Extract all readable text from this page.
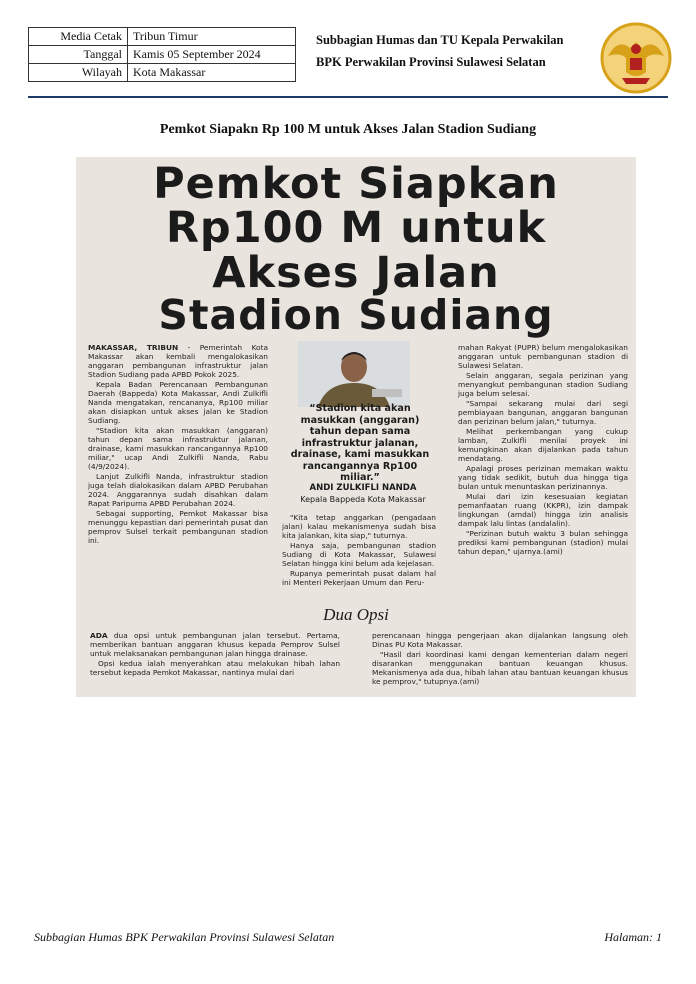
Media Cetak	Tribun Timur
Tanggal	Kamis 05 September 2024
Wilayah	Kota Makassar
Subbagian Humas dan TU Kepala Perwakilan
BPK Perwakilan Provinsi Sulawesi Selatan
Pemkot Siapakn Rp 100 M untuk Akses Jalan Stadion Sudiang
Pemkot Siapkan
Rp100 M untuk
Akses Jalan
Stadion Sudiang

MAKASSAR, TRIBUN - Pemerintah Kota Makassar akan kembali mengalokasikan anggaran pembangunan infrastruktur jalan Stadion Sudiang pada APBD Pokok 2025.

Kepala Badan Perencanaan Pembangunan Daerah (Bappeda) Kota Makassar, Andi Zulkifli Nanda mengatakan, rencananya, Rp100 miliar akan disiapkan untuk akses jalan ke Stadion Sudiang.

"Stadion kita akan masukkan (anggaran) tahun depan sama infrastruktur jalanan, drainase, kami masukkan rancangannya Rp100 miliar," ucap Andi Zulkifli Nanda, Rabu (4/9/2024).

Lanjut Zulkifli Nanda, infrastruktur stadion juga telah dialokasikan dalam APBD Perubahan 2024. Anggarannya sudah disahkan dalam Rapat Paripurna APBD Perubahan 2024.

Sebagai supporting, Pemkot Makassar bisa menunggu kepastian dari pemerintah pusat dan pemprov Sulsel terkait pembangunan stadion ini.

“Stadion kita akan masukkan (anggaran) tahun depan sama infrastruktur jalanan, drainase, kami masukkan rancangannya Rp100 miliar.”
ANDI ZULKIFLI NANDA
Kepala Bappeda Kota Makassar

"Kita tetap anggarkan (pengadaan jalan) kalau mekanismenya sudah bisa kita jalankan, kita siap," tuturnya.

Hanya saja, pembangunan stadion Sudiang di Kota Makassar, Sulawesi Selatan hingga kini belum ada kejelasan.

Rupanya pemerintah pusat dalam hal ini Menteri Pekerjaan Umum dan Peru-

mahan Rakyat (PUPR) belum mengalokasikan anggaran untuk pembangunan stadion di Sulawesi Selatan.

Selain anggaran, segala perizinan yang menyangkut pembangunan stadion Sudiang juga belum selesai.

"Sampai sekarang mulai dari segi pembiayaan bangunan, anggaran bangunan dan perizinan belum jalan," tuturnya.

Melihat perkembangan yang cukup lamban, Zulkifli menilai proyek ini kemungkinan akan dijalankan pada tahun mendatang.

Apalagi proses perizinan memakan waktu yang tidak sedikit, butuh dua hingga tiga bulan untuk menuntaskan perizinannya.

Mulai dari izin kesesuaian kegiatan pemanfaatan ruang (KKPR), izin dampak lingkungan (amdal) hingga izin analisis dampak lalu lintas (andalalin).

"Perizinan butuh waktu 3 bulan sehingga prediksi kami pembangunan (stadion) mulai tahun depan," ujarnya.(ami)

Dua Opsi

ADA dua opsi untuk pembangunan jalan tersebut. Pertama, memberikan bantuan anggaran khusus kepada Pemprov Sulsel untuk melaksanakan pembangunan jalan hingga drainase.

Opsi kedua ialah menyerahkan atau melakukan hibah lahan tersebut kepada Pemkot Makassar, nantinya mulai dari

perencanaan hingga pengerjaan akan dijalankan langsung oleh Dinas PU Kota Makassar.

"Hasil dari koordinasi kami dengan kementerian dalam negeri disarankan menggunakan bantuan keuangan khusus. Mekanismenya ada dua, hibah lahan atau bantuan keuangan khusus ke pemprov," tutupnya.(ami)

Subbagian Humas BPK Perwakilan Provinsi Sulawesi Selatan	Halaman: 1
